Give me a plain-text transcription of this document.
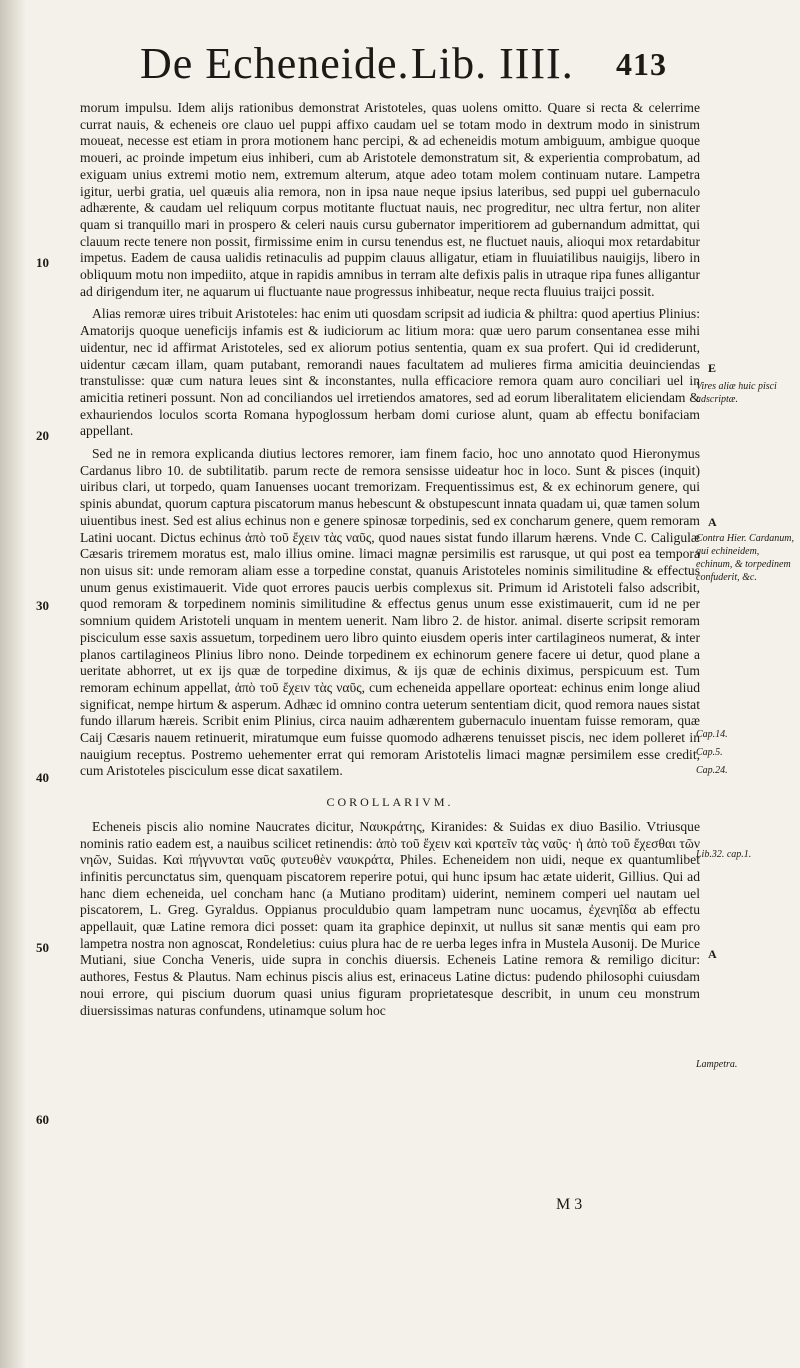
De Echeneide. Lib. IIII. 413
10
20
30
40
50
60

morum impulsu. Idem alijs rationibus demonstrat Aristoteles, quas uolens omitto. Quare si recta & celerrime currat nauis, & echeneis ore clauo uel puppi affixo caudam uel se totam modo in dextrum modo in sinistrum moueat, necesse est etiam in prora motionem hanc percipi, & ad echeneidis motum ambiguum, ambigue quoque moueri, ac proinde impetum eius inhiberi, cum ab Aristotele demonstratum sit, & experientia comprobatum, ad exiguam unius extremi motio nem, extremum alterum, atque adeo totam molem continuam nutare. Lampetra igitur, uerbi gratia, uel quæuis alia remora, non in ipsa naue neque ipsius lateribus, sed puppi uel gubernaculo adhærente, & caudam uel reliquum corpus motitante fluctuat nauis, nec progreditur, nec ultra fertur, non aliter quam si tranquillo mari in prospero & celeri nauis cursu gubernator imperitiorem ad gubernandum admittat, qui clauum recte tenere non possit, firmissime enim in cursu tenendus est, ne fluctuet nauis, alioqui mox retardabitur impetus. Eadem de causa ualidis retinaculis ad puppim clauus alligatur, etiam in fluuiatilibus nauigijs, libero in obliquum motu non impediito, atque in rapidis amnibus in terram alte defixis palis in utraque ripa funes alligantur ad dirigendum iter, ne aquarum ui fluctuante naue progressus inhibeatur, neque recta fluuius traijci possit.

Alias remoræ uires tribuit Aristoteles: hac enim uti quosdam scripsit ad iudicia & philtra: quod apertius Plinius: Amatorijs quoque ueneficijs infamis est & iudiciorum ac litium mora: quæ uero parum consentanea esse mihi uidentur, nec id affirmat Aristoteles, sed ex aliorum potius sententia, quam ex sua profert. Qui id crediderunt, uidentur cæcam illam, quam putabant, remorandi naues facultatem ad mulieres firma amicitia deuinciendas transtulisse: quæ cum natura leues sint & inconstantes, nulla efficaciore remora quam auro conciliari uel in amicitia retineri possunt. Non ad conciliandos uel irretiendos amatores, sed ad eorum liberalitatem eliciendam & exhauriendos loculos scorta Romana hypoglossum herbam domi curiose alunt, quam ab effectu bonifaciam appellant.

Sed ne in remora explicanda diutius lectores remorer, iam finem facio, hoc uno annotato quod Hieronymus Cardanus libro 10. de subtilitatib. parum recte de remora sensisse uideatur hoc in loco. Sunt & pisces (inquit) uiribus clari, ut torpedo, quam Ianuenses uocant tremorizam. Frequentissimus est, & ex echinorum genere, qui spinis abundat, quorum captura piscatorum manus hebescunt & obstupescunt innata quadam ui, quæ tamen solum uiuentibus inest. Sed est alius echinus non e genere spinosæ torpedinis, sed ex concharum genere, quem remoram Latini uocant. Dictus echinus ἀπὸ τοῦ ἔχειν τὰς ναῦς, quod naues sistat fundo illarum hærens. Vnde C. Caligulæ Cæsaris triremem moratus est, malo illius omine. limaci magnæ persimilis est rarusque, ut qui post ea tempora non uisus sit: unde remoram aliam esse a torpedine constat, quanuis Aristoteles nominis similitudine & effectus unum genus existimauerit. Vide quot errores paucis uerbis complexus sit. Primum id Aristoteli falso adscribit, quod remoram & torpedinem nominis similitudine & effectus genus unum esse existimauerit, cum id ne per somnium quidem Aristoteli unquam in mentem uenerit. Nam libro 2. de histor. animal. diserte scripsit remoram pisciculum esse saxis assuetum, torpedinem uero libro quinto eiusdem operis inter cartilagineos numerat, & inter planos cartilagineos Plinius libro nono. Deinde torpedinem ex echinorum genere facere ui detur, quod plane a ueritate abhorret, ut ex ijs quæ de torpedine diximus, & ijs quæ de echinis diximus, perspicuum est. Tum remoram echinum appellat, ἀπὸ τοῦ ἔχειν τὰς ναῦς, cum echeneida appellare oporteat: echinus enim longe aliud significat, nempe hirtum & asperum. Adhæc id omnino contra ueterum sententiam dicit, quod remora naues sistat fundo illarum hæreis. Scribit enim Plinius, circa nauim adhærentem gubernaculo inuentam fuisse remoram, quæ Caij Cæsaris nauem retinuerit, miratumque eum fuisse quomodo adhærens tenuisset piscis, nec idem polleret in nauigium receptus. Postremo uehementer errat qui remoram Aristotelis limaci magnæ persimilem esse credit, cum Aristoteles pisciculum esse dicat saxatilem.

COROLLARIVM.

Echeneis piscis alio nomine Naucrates dicitur, Ναυκράτης, Kiranides: & Suidas ex diuo Basilio. Vtriusque nominis ratio eadem est, a nauibus scilicet retinendis: ἀπὸ τοῦ ἔχειν καὶ κρατεῖν τὰς ναῦς· ἡ ἀπὸ τοῦ ἔχεσθαι τῶν νηῶν, Suidas. Καὶ πήγνυνται ναῦς φυτευθὲν ναυκράτα, Philes. Echeneidem non uidi, neque ex quantumlibet infinitis percunctatus sim, quenquam piscatorem reperire potui, qui hunc ipsum hac ætate uiderit, Gillius. Qui ad hanc diem echeneida, uel concham hanc (a Mutiano proditam) uiderint, neminem comperi uel nautam uel piscatorem, L. Greg. Gyraldus. Oppianus proculdubio quam lampetram nunc uocamus, ἐχενηΐδα ab effectu appellauit, quæ Latine remora dici posset: quam ita graphice depinxit, ut nullus sit sanæ mentis qui eam pro lampetra nostra non agnoscat, Rondeletius: cuius plura hac de re uerba leges infra in Mustela Ausonij. De Murice Mutiani, siue Concha Veneris, uide supra in conchis diuersis. Echeneis Latine remora & remiligo dicitur: authores, Festus & Plautus. Nam echinus piscis alius est, erinaceus Latine dictus: pudendo philosophi cuiusdam noui errore, qui piscium duorum quasi unius figuram proprietatesque describit, in unum ceu monstrum diuersissimas naturas confundens, utinamque solum hoc

E
Vires aliæ huic pisci adscriptæ.
A
Contra Hier. Cardanum, qui echineidem, echinum, & torpedinem confuderit, &c.
Cap.14.
Cap.5.
Cap.24.
Lib.32. cap.1.
A
Lampetra.
M 3
